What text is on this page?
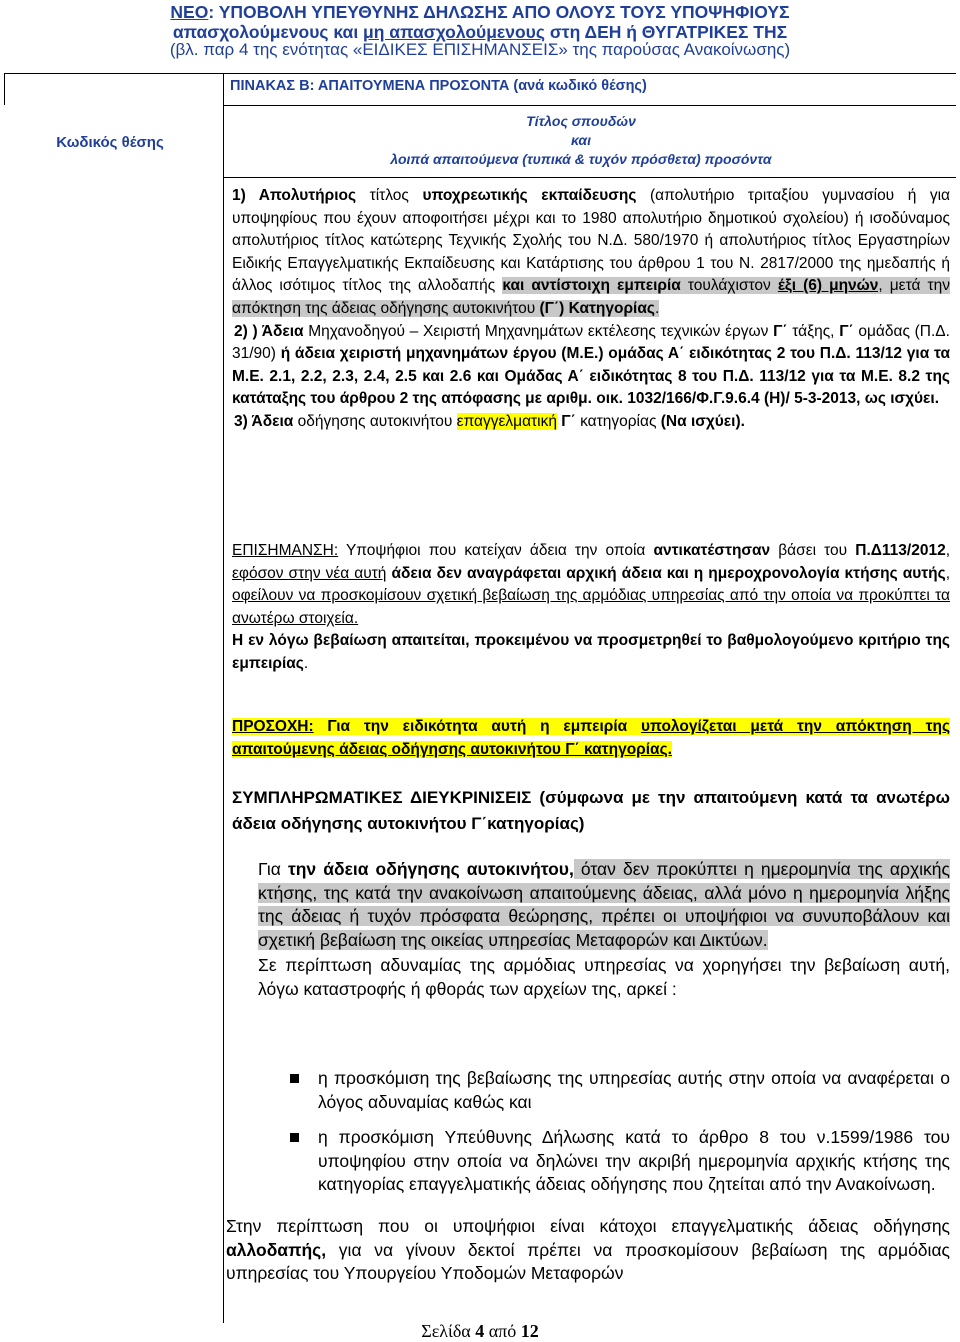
ΝΕΟ: ΥΠΟΒΟΛΗ ΥΠΕΥΘΥΝΗΣ ΔΗΛΩΣΗΣ ΑΠΟ ΟΛΟΥΣ ΤΟΥΣ ΥΠΟΨΗΦΙΟΥΣ
απασχολούμενους και μη απασχολούμενους στη ΔΕΗ ή ΘΥΓΑΤΡΙΚΕΣ ΤΗΣ
(βλ. παρ 4 της ενότητας «ΕΙΔΙΚΕΣ ΕΠΙΣΗΜΑΝΣΕΙΣ» της παρούσας Ανακοίνωσης)
ΠΙΝΑΚΑΣ Β: ΑΠΑΙΤΟΥΜΕΝΑ ΠΡΟΣΟΝΤΑ (ανά κωδικό θέσης)
Κωδικός θέσης
Τίτλος σπουδών
και
λοιπά απαιτούμενα (τυπικά & τυχόν πρόσθετα) προσόντα

1) Απολυτήριος τίτλος υποχρεωτικής εκπαίδευσης (απολυτήριο τριταξίου γυμνασίου ή για υποψηφίους που έχουν αποφοιτήσει μέχρι και το 1980 απολυτήριο δημοτικού σχολείου) ή ισοδύναμος απολυτήριος τίτλος κατώτερης Τεχνικής Σχολής του Ν.Δ. 580/1970 ή απολυτήριος τίτλος Εργαστηρίων Ειδικής Επαγγελματικής Εκπαίδευσης και Κατάρτισης του άρθρου 1 του Ν. 2817/2000 της ημεδαπής ή άλλος ισότιμος τίτλος της αλλοδαπής και αντίστοιχη εμπειρία τουλάχιστον έξι (6) μηνών, μετά την απόκτηση της άδειας οδήγησης αυτοκινήτου (Γ΄) Κατηγορίας.

2) ) Άδεια Μηχανοδηγού – Χειριστή Μηχανημάτων εκτέλεσης τεχνικών έργων Γ΄ τάξης, Γ΄ ομάδας (Π.Δ. 31/90) ή άδεια χειριστή μηχανημάτων έργου (Μ.Ε.) ομάδας Α΄ ειδικότητας 2 του Π.Δ. 113/12 για τα Μ.Ε. 2.1, 2.2, 2.3, 2.4, 2.5 και 2.6 και Ομάδας Α΄ ειδικότητας 8 του Π.Δ. 113/12 για τα Μ.Ε. 8.2 της κατάταξης του άρθρου 2 της απόφασης με αριθμ. οικ. 1032/166/Φ.Γ.9.6.4 (Η)/ 5-3-2013, ως ισχύει.

3) Άδεια οδήγησης αυτοκινήτου επαγγελματική Γ΄ κατηγορίας (Να ισχύει).

ΕΠΙΣΗΜΑΝΣΗ: Υποψήφιοι που κατείχαν άδεια την οποία αντικατέστησαν βάσει του Π.Δ113/2012, εφόσον στην νέα αυτή άδεια δεν αναγράφεται αρχική άδεια και η ημεροχρονολογία κτήσης αυτής, οφείλουν να προσκομίσουν σχετική βεβαίωση της αρμόδιας υπηρεσίας από την οποία να προκύπτει τα ανωτέρω στοιχεία.

Η εν λόγω βεβαίωση απαιτείται, προκειμένου να προσμετρηθεί το βαθμολογούμενο κριτήριο της εμπειρίας.

ΠΡΟΣΟΧΗ: Για την ειδικότητα αυτή η εμπειρία υπολογίζεται μετά την απόκτηση της απαιτούμενης άδειας οδήγησης αυτοκινήτου Γ΄ κατηγορίας.

ΣΥΜΠΛΗΡΩΜΑΤΙΚΕΣ ΔΙΕΥΚΡΙΝΙΣΕΙΣ (σύμφωνα με την απαιτούμενη κατά τα ανωτέρω άδεια οδήγησης αυτοκινήτου Γ΄κατηγορίας)

Για την άδεια οδήγησης αυτοκινήτου, όταν δεν προκύπτει η ημερομηνία της αρχικής κτήσης, της κατά την ανακοίνωση απαιτούμενης άδειας, αλλά μόνο η ημερομηνία λήξης της άδειας ή τυχόν πρόσφατα θεώρησης, πρέπει οι υποψήφιοι να συνυποβάλουν και σχετική βεβαίωση της οικείας υπηρεσίας Μεταφορών και Δικτύων.

Σε περίπτωση αδυναμίας της αρμόδιας υπηρεσίας να χορηγήσει την βεβαίωση αυτή, λόγω καταστροφής ή φθοράς των αρχείων της, αρκεί :

η προσκόμιση της βεβαίωσης της υπηρεσίας αυτής στην οποία να αναφέρεται ο λόγος αδυναμίας καθώς και
η προσκόμιση Υπεύθυνης Δήλωσης κατά το άρθρο 8 του ν.1599/1986 του υποψηφίου στην οποία να δηλώνει την ακριβή ημερομηνία αρχικής κτήσης της κατηγορίας επαγγελματικής άδειας οδήγησης που ζητείται από την Ανακοίνωση.

Στην περίπτωση που οι υποψήφιοι είναι κάτοχοι επαγγελματικής άδειας οδήγησης αλλοδαπής, για να γίνουν δεκτοί πρέπει να προσκομίσουν βεβαίωση της αρμόδιας υπηρεσίας του Υπουργείου Υποδομών Μεταφορών

Σελίδα 4 από 12
